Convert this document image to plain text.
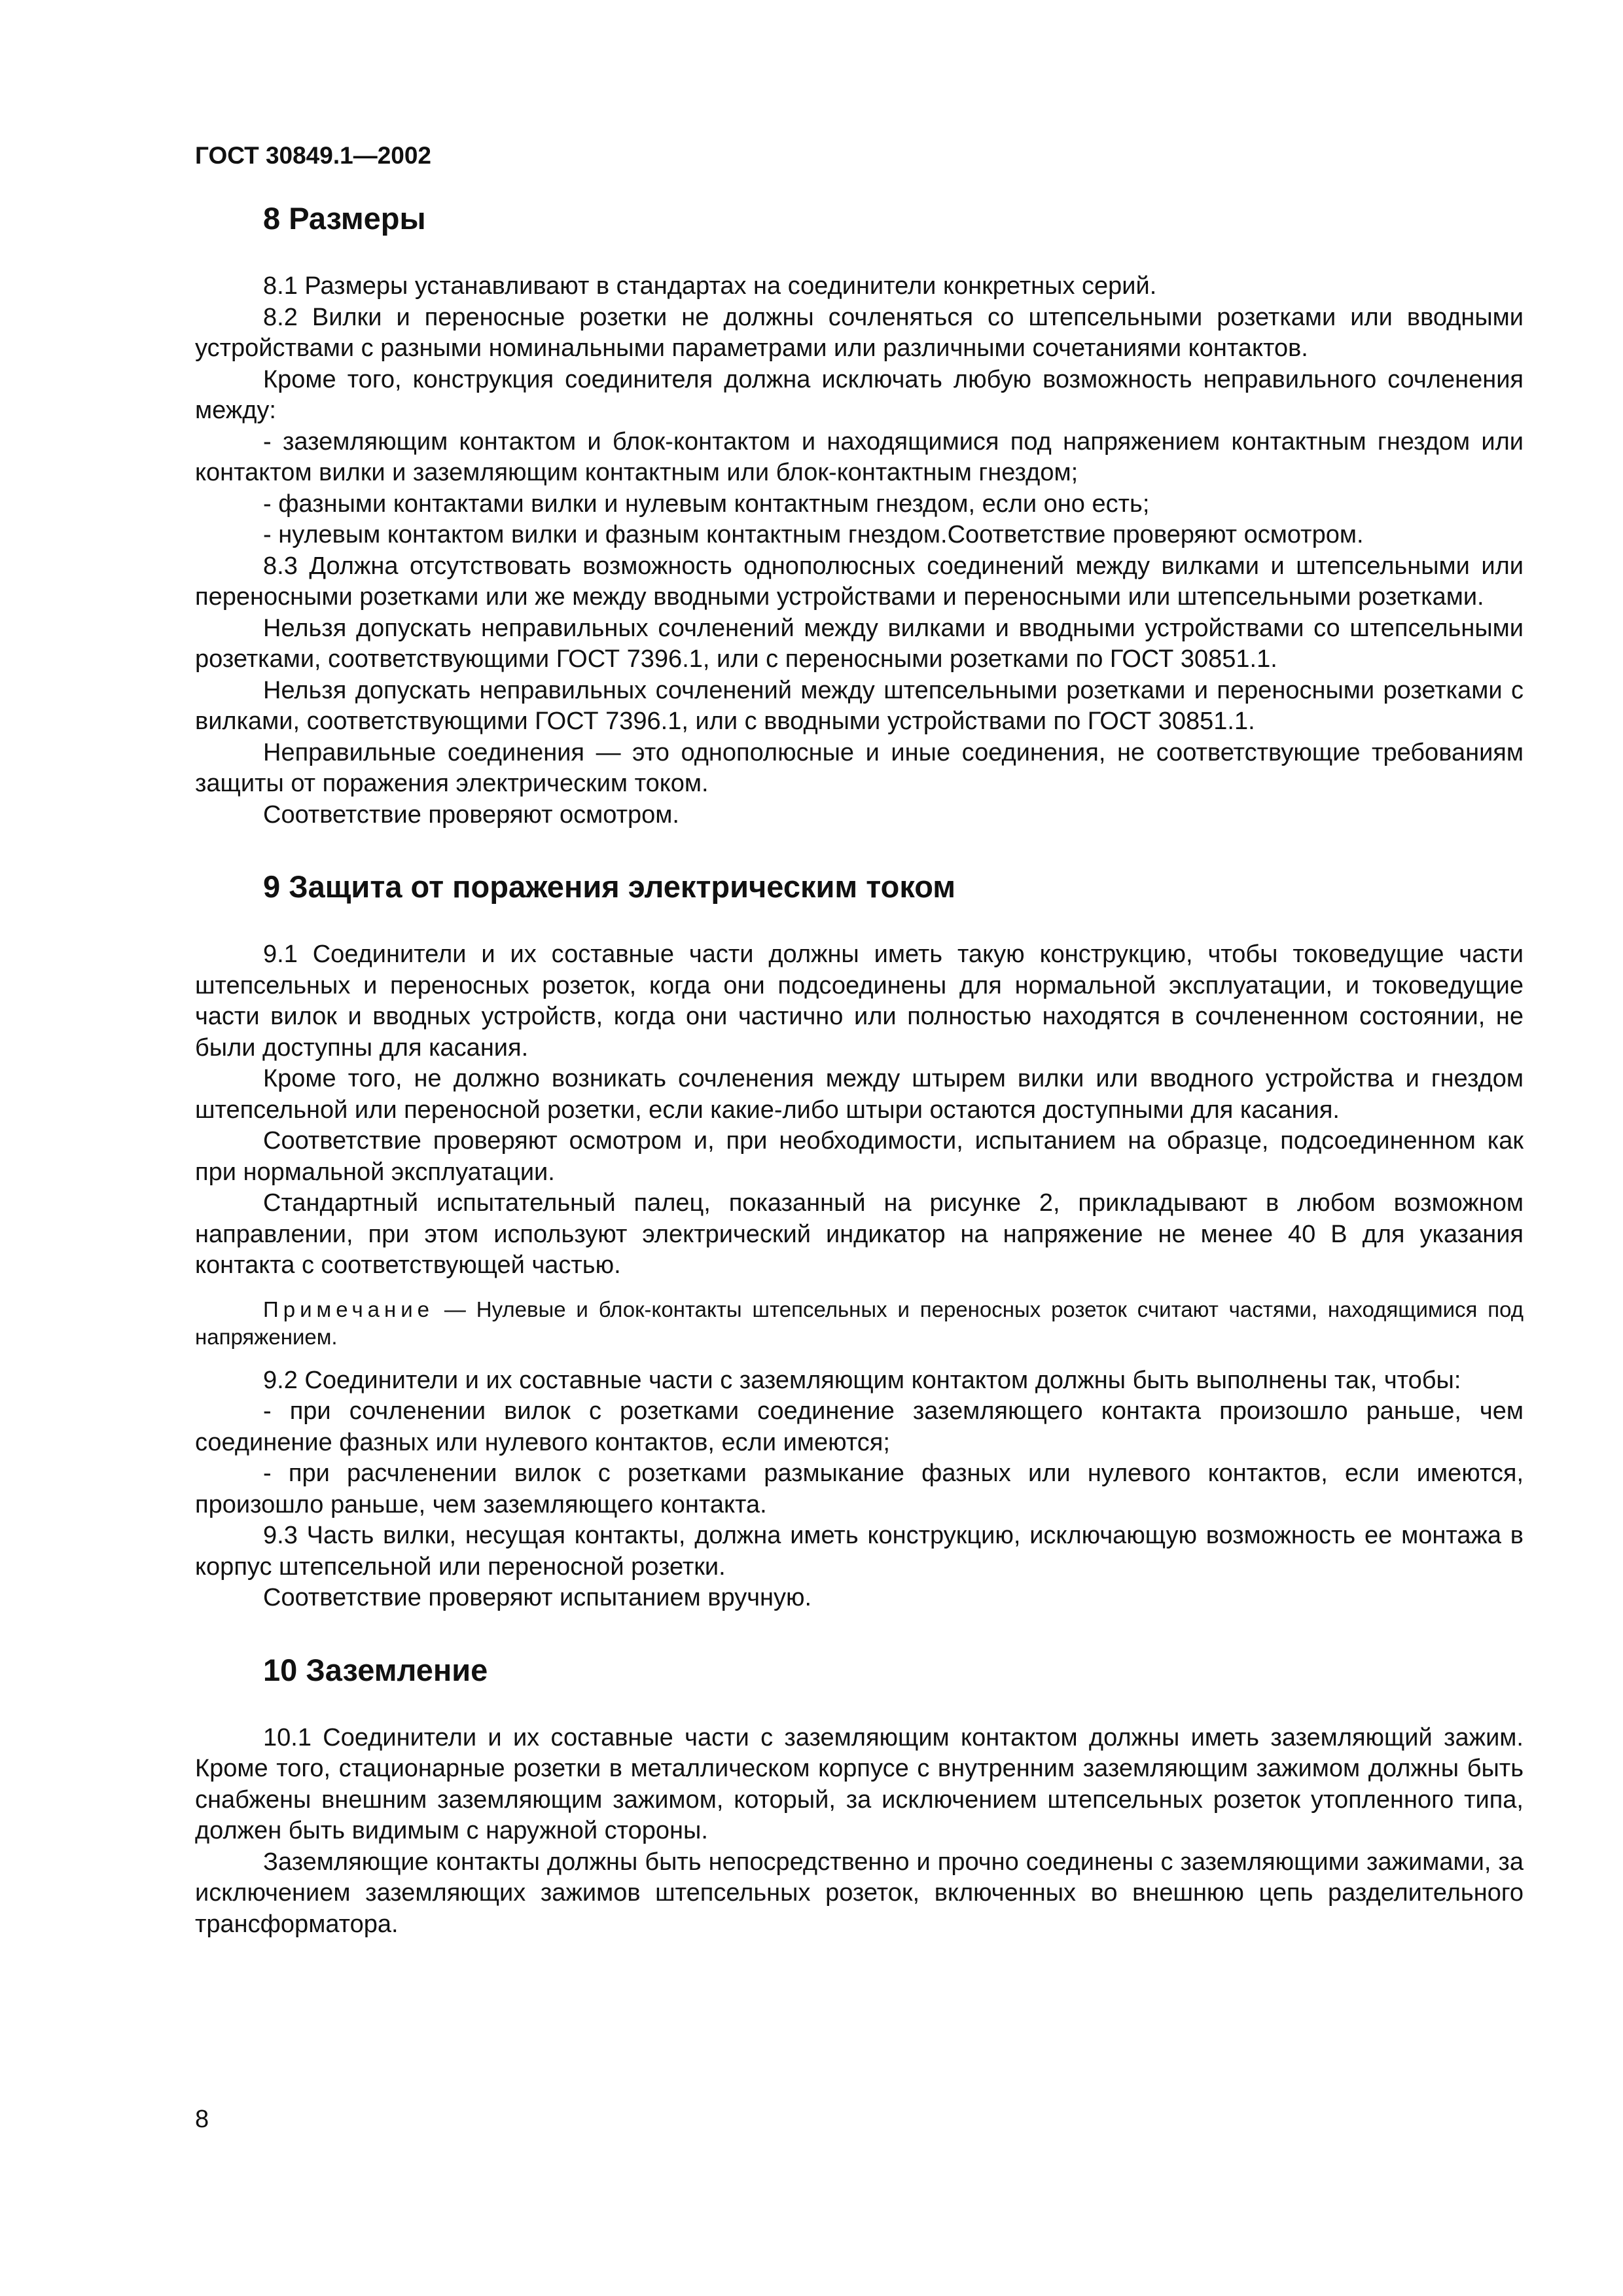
ГОСТ 30849.1—2002
8 Размеры

8.1 Размеры устанавливают в стандартах на соединители конкретных серий.

8.2 Вилки и переносные розетки не должны сочленяться со штепсельными розетками или вводными устройствами с разными номинальными параметрами или различными сочетаниями контактов.

Кроме того, конструкция соединителя должна исключать любую возможность неправильного сочленения между:

- заземляющим контактом и блок-контактом и находящимися под напряжением контактным гнездом или контактом вилки и заземляющим контактным или блок-контактным гнездом;

- фазными контактами вилки и нулевым контактным гнездом, если оно есть;

- нулевым контактом вилки и фазным контактным гнездом.Соответствие проверяют осмотром.

8.3 Должна отсутствовать возможность однополюсных соединений между вилками и штепсельными или переносными розетками или же между вводными устройствами и переносными или штепсельными розетками.

Нельзя допускать неправильных сочленений между вилками и вводными устройствами со штепсельными розетками, соответствующими ГОСТ 7396.1, или с переносными розетками по ГОСТ 30851.1.

Нельзя допускать неправильных сочленений между штепсельными розетками и переносными розетками с вилками, соответствующими ГОСТ 7396.1, или с вводными устройствами по ГОСТ 30851.1.

Неправильные соединения — это однополюсные и иные соединения, не соответствующие требованиям защиты от поражения электрическим током.

Соответствие проверяют осмотром.

9 Защита от поражения электрическим током

9.1 Соединители и их составные части должны иметь такую конструкцию, чтобы токоведущие части штепсельных и переносных розеток, когда они подсоединены для нормальной эксплуатации, и токоведущие части вилок и вводных устройств, когда они частично или полностью находятся в сочлененном состоянии, не были доступны для касания.

Кроме того, не должно возникать сочленения между штырем вилки или вводного устройства и гнездом штепсельной или переносной розетки, если какие-либо штыри остаются доступными для касания.

Соответствие проверяют осмотром и, при необходимости, испытанием на образце, подсоединенном как при нормальной эксплуатации.

Стандартный испытательный палец, показанный на рисунке 2, прикладывают в любом возможном направлении, при этом используют электрический индикатор на напряжение не менее 40 В для указания контакта с соответствующей частью.

Примечание — Нулевые и блок-контакты штепсельных и переносных розеток считают частями, находящимися под напряжением.

9.2 Соединители и их составные части с заземляющим контактом должны быть выполнены так, чтобы:

- при сочленении вилок с розетками соединение заземляющего контакта произошло раньше, чем соединение фазных или нулевого контактов, если имеются;

- при расчленении вилок с розетками размыкание фазных или нулевого контактов, если имеются, произошло раньше, чем заземляющего контакта.

9.3 Часть вилки, несущая контакты, должна иметь конструкцию, исключающую возможность ее монтажа в корпус штепсельной или переносной розетки.

Соответствие проверяют испытанием вручную.

10 Заземление

10.1 Соединители и их составные части с заземляющим контактом должны иметь заземляющий зажим. Кроме того, стационарные розетки в металлическом корпусе с внутренним заземляющим зажимом должны быть снабжены внешним заземляющим зажимом, который, за исключением штепсельных розеток утопленного типа, должен быть видимым с наружной стороны.

Заземляющие контакты должны быть непосредственно и прочно соединены с заземляющими зажимами, за исключением заземляющих зажимов штепсельных розеток, включенных во внешнюю цепь разделительного трансформатора.

8
